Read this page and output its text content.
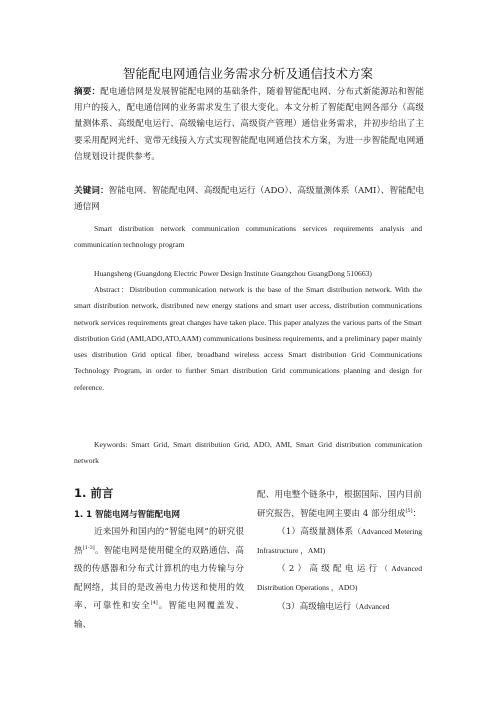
智能配电网通信业务需求分析及通信技术方案
摘要：配电通信网是发展智能配电网的基础条件，随着智能配电网、分布式新能源站和智能用户的接入，配电通信网的业务需求发生了很大变化。本文分析了智能配电网各部分（高级量测体系、高级配电运行、高级输电运行、高级资产管理）通信业务需求，并初步给出了主要采用配网光纤、宽带无线接入方式实现智能配电网通信技术方案，为进一步智能配电网通信规划设计提供参考。
关键词：智能电网、智能配电网、高级配电运行（ADO）、高级量测体系（AMI）、智能配电通信网
Smart distribution network communication communications services requirements analysis and communication technology program
Huangsheng (Guangdong Electric Power Design Institute Guangzhou GuangDong 510663)
Abstract：Distribution communication network is the base of the Smart distribution network. With the smart distribution network, distributed new energy stations and smart user access, distribution communications network services requirements great changes have taken place. This paper analyzes the various parts of the Smart distribution Grid (AMI,ADO,ATO,AAM) communications business requirements, and a preliminary paper mainly uses distribution Grid optical fiber, broadband wireless access Smart distribution Grid Communications Technology Program, in order to further Smart distribution Grid communications planning and design for reference.
Keywords: Smart Grid, Smart distribution Grid, ADO, AMI, Smart Grid distribution communication network
1. 前言
1. 1 智能电网与智能配电网
近来国外和国内的“智能电网”的研究很热[1-3]。智能电网是使用健全的双路通信、高级的传感器和分布式计算机的电力传输与分配网络，其目的是改善电力传送和使用的效率、可靠性和安全[4]。智能电网覆盖发、输、
配、用电整个链条中，根据国际、国内目前研究报告，智能电网主要由 4 部分组成[5]：
（1）高级量测体系（Advanced Metering Infrastructure ，AMI)
（2）高级配电运行（Advanced Distribution Operations ，ADO)
（3）高级输电运行（Advanced
